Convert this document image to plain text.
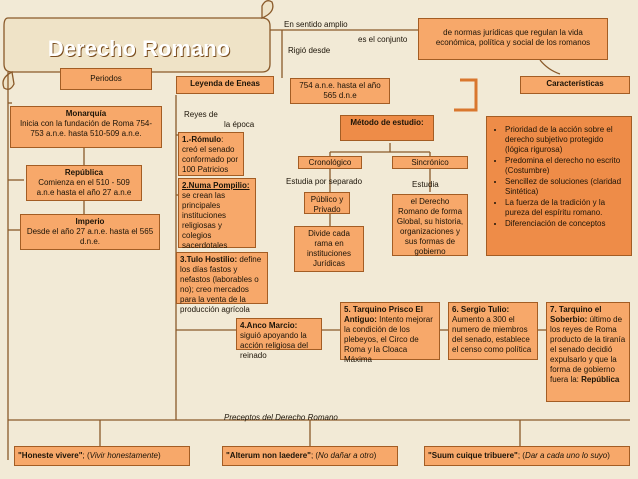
Derecho Romano
En sentido amplio
es el conjunto
Rigió desde
de normas jurídicas que regulan la vida económica, política y social de los romanos
754 a.n.e. hasta el año 565 d.n.e
Periodos
Monarquía
Inicia con la fundación de Roma 754-753 a.n.e. hasta 510-509 a.n.e.
República
Comienza en el 510 - 509 a.n.e hasta el año 27 a.n.e
Imperio
Desde el año 27 a.n.e. hasta el 565 d.n.e.
Leyenda de Eneas
Reyes de
la época
1.-Rómulo: creó el senado conformado por 100 Patricios
2.Numa Pompilio: se crean las principales instituciones religiosas y colegios sacerdotales
3.Tulo Hostilio: define los días fastos y nefastos (laborables o no); creo mercados para la venta de la producción agrícola
4.Anco Marcio: siguió apoyando la acción religiosa del reinado
5. Tarquino Prisco El Antiguo: Intento mejorar la condición de los plebeyos, el Circo de Roma y la Cloaca Máxima
6. Sergio Tulio: Aumento a 300 el numero de miembros del senado, establece el censo como política
7. Tarquino el Soberbio: último de los reyes de Roma producto de la tiranía el senado decidió expulsarlo y que la forma de gobierno fuera la: República
Método de estudio:
Cronológico	Sincrónico
Estudia por separado	Estudia
Público y Privado
Divide cada rama en instituciones Jurídicas
el Derecho Romano de forma Global, su historia, organizaciones y sus formas de gobierno
Características
• Prioridad de la acción sobre el derecho subjetivo protegido (lógica rigurosa)
• Predomina el derecho no escrito (Costumbre)
• Sencillez de soluciones (claridad Sintética)
• La fuerza de la tradición y la pureza del espíritu romano.
• Diferenciación de conceptos
Preceptos del Derecho Romano
"Honeste vivere"; (Vivir honestamente)	"Alterum non laedere"; (No dañar a otro)	"Suum cuique tribuere"; (Dar a cada uno lo suyo)
